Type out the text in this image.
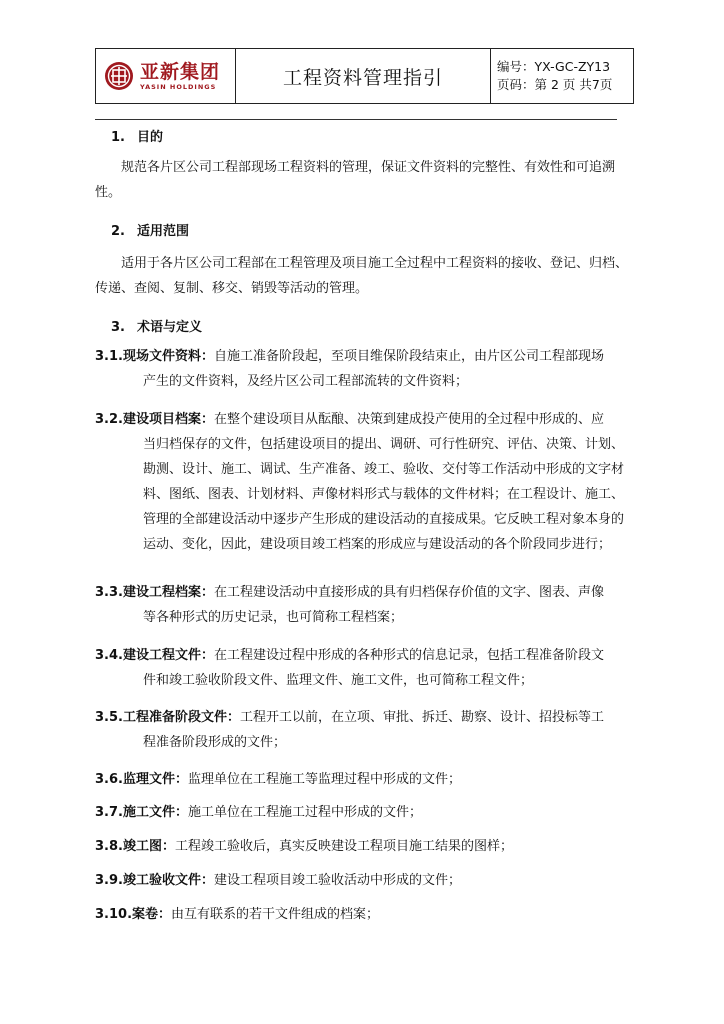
亚新集团
YASIN HOLDINGS	工程资料管理指引	编号：YX-GC-ZY13
页码：第 2 页 共7页
1. 目的
　　规范各片区公司工程部现场工程资料的管理，保证文件资料的完整性、有效性和可追溯
性。
2. 适用范围
　　适用于各片区公司工程部在工程管理及项目施工全过程中工程资料的接收、登记、归档、
传递、查阅、复制、移交、销毁等活动的管理。
3. 术语与定义
3.1.现场文件资料：自施工准备阶段起，至项目维保阶段结束止，由片区公司工程部现场
产生的文件资料，及经片区公司工程部流转的文件资料；
3.2.建设项目档案：在整个建设项目从酝酿、决策到建成投产使用的全过程中形成的、应
当归档保存的文件，包括建设项目的提出、调研、可行性研究、评估、决策、计划、
勘测、设计、施工、调试、生产准备、竣工、验收、交付等工作活动中形成的文字材
料、图纸、图表、计划材料、声像材料形式与载体的文件材料；在工程设计、施工、
管理的全部建设活动中逐步产生形成的建设活动的直接成果。它反映工程对象本身的
运动、变化，因此，建设项目竣工档案的形成应与建设活动的各个阶段同步进行；
3.3.建设工程档案：在工程建设活动中直接形成的具有归档保存价值的文字、图表、声像
等各种形式的历史记录，也可简称工程档案；
3.4.建设工程文件：在工程建设过程中形成的各种形式的信息记录，包括工程准备阶段文
件和竣工验收阶段文件、监理文件、施工文件，也可简称工程文件；
3.5.工程准备阶段文件：工程开工以前，在立项、审批、拆迁、勘察、设计、招投标等工
程准备阶段形成的文件；
3.6.监理文件：监理单位在工程施工等监理过程中形成的文件；
3.7.施工文件：施工单位在工程施工过程中形成的文件；
3.8.竣工图：工程竣工验收后，真实反映建设工程项目施工结果的图样；
3.9.竣工验收文件：建设工程项目竣工验收活动中形成的文件；
3.10.案卷：由互有联系的若干文件组成的档案；
